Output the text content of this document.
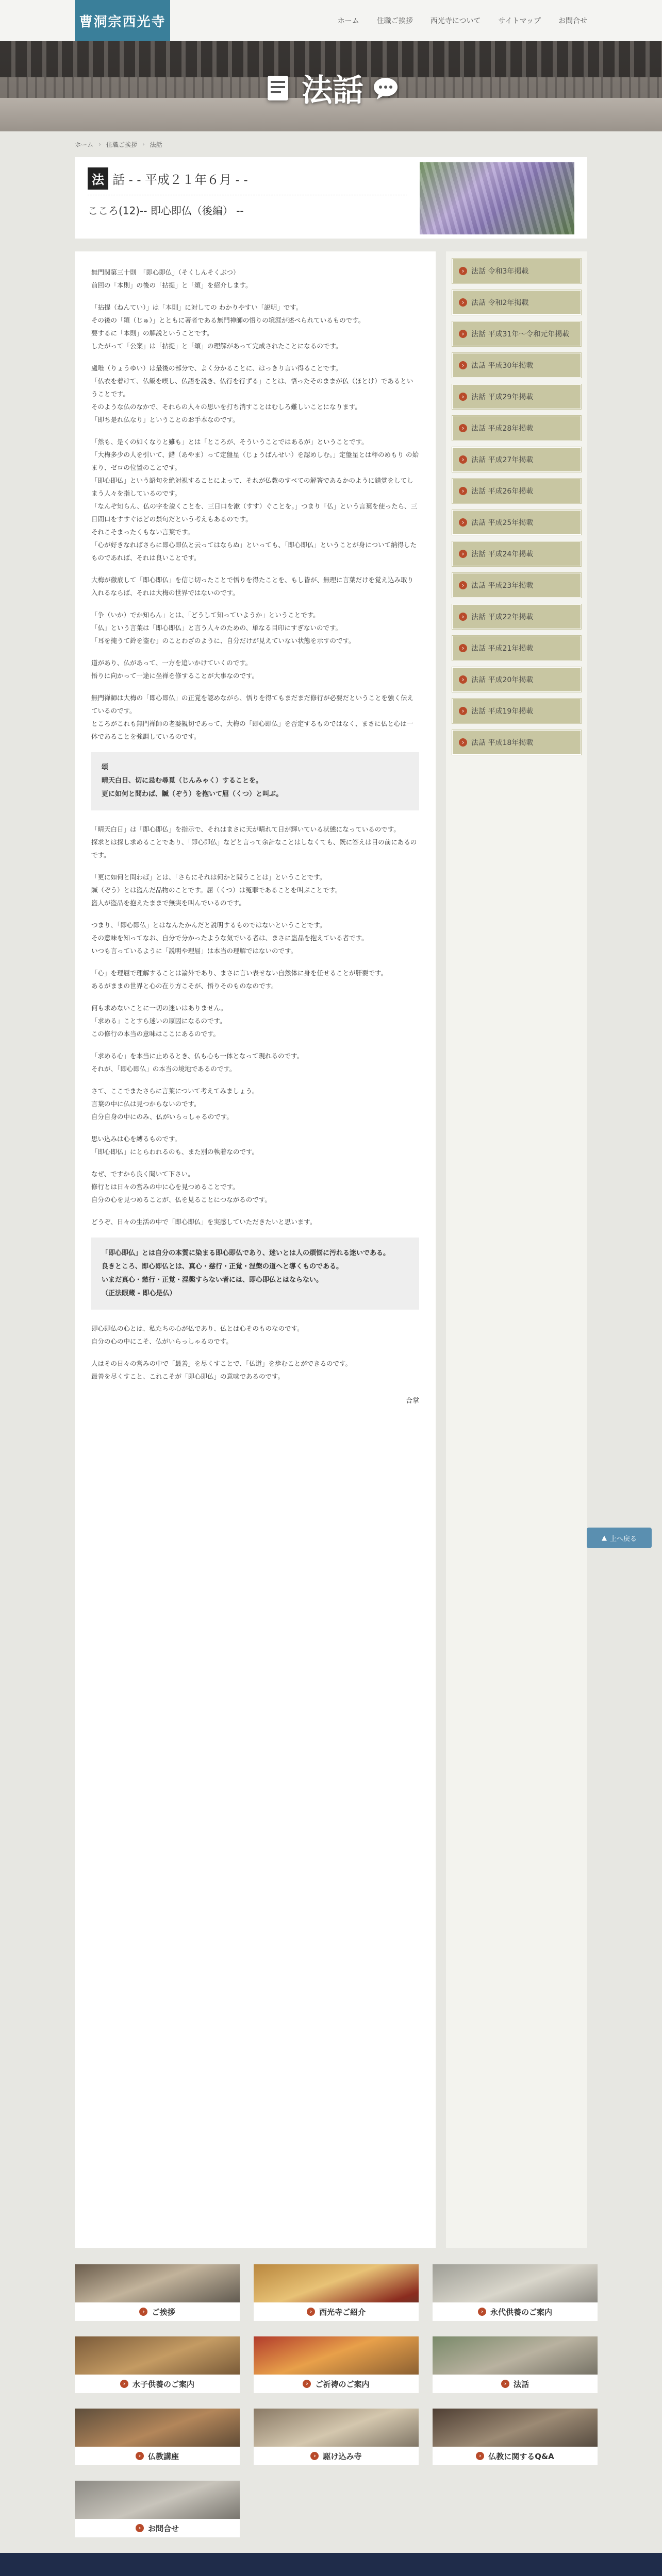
曹洞宗西光寺	ホーム 住職ご挨拶 西光寺について サイトマップ お問合せ
法話
ホーム › 住職ご挨拶 › 法話
法 話 - - 平成２１年６月 - -
こころ(12)-- 即心即仏（後編） --

無門関第三十則　「即心即仏」（そくしんそくぶつ）
前回の「本則」の後の「拈提」と「頌」を紹介します。

「拈提（ねんてい）」は「本則」に対しての わかりやすい「説明」です。
その後の「頌（じゅ）」とともに著者である無門禅師の悟りの境涯が述べられているものです。
要するに「本則」の解説ということです。
したがって「公案」は「拈提」と「頌」の理解があって完成されたことになるのです。

盧唯（りょうゆい）は最後の部分で、よく分かることに、はっきり言い得ることです。
「仏衣を着けて、仏飯を喫し、仏語を説き、仏行を行ずる」ことは、悟ったそのままが仏（ほとけ）であるということです。
そのような仏のなかで、それらの人々の思いを打ち消すことはむしろ難しいことになります。
「即ち是れ仏なり」ということのお手本なのです。

「然も、是くの如くなりと雖も」とは「ところが、そういうことではあるが」ということです。
「大梅多少の人を引いて、錯（あやま）って定盤星（じょうばんせい）を認めしむ。」定盤星とは秤のめもり の始まり、ゼロの位置のことです。
「即心即仏」という語句を絶対視することによって、それが仏教のすべての解答であるかのように錯覚をしてしまう人々を指しているのです。
「なんぞ知らん、仏の字を説くことを、三日口を漱（すす）ぐことを。」つまり「仏」という言葉を使ったら、三日間口をすすぐほどの禁句だという考えもあるのです。
それこそまったくもない言葉です。
「心が好きなればさらに即心即仏と云ってはならぬ」といっても、「即心即仏」ということが身について納得したものであれば、それは良いことです。

大梅が徹底して「即心即仏」を信じ切ったことで悟りを得たことを、もし皆が、無理に言葉だけを覚え込み取り入れるならば、それは大梅の世界ではないのです。

「争（いか）でか知らん」とは、「どうして知っていようか」ということです。
「仏」という言葉は「即心即仏」と言う人々のための、単なる目印にすぎないのです。
「耳を掩うて鈴を盗む」のことわざのように、自分だけが見えていない状態を示すのです。

道があり、仏があって、一方を追いかけていくのです。
悟りに向かって一途に坐禅を修することが大事なのです。

無門禅師は大梅の「即心即仏」の正覚を認めながら、悟りを得てもまだまだ修行が必要だということを強く伝えているのです。
ところがこれも無門禅師の老婆親切であって、大梅の「即心即仏」を否定するものではなく、まさに仏と心は一体であることを強調しているのです。

頌
晴天白日、切に忌む尋覓（じんみゃく）することを。
更に如何と問わば、贓（ぞう）を抱いて屈（くつ）と叫ぶ。

「晴天白日」は「即心即仏」を指示で、それはまさに天が晴れて日が輝いている状態になっているのです。
探求とは探し求めることであり、「即心即仏」などと言って余計なことはしなくても、既に答えは目の前にあるのです。

「更に如何と問わば」とは、「さらにそれは何かと問うことは」ということです。
贓（ぞう）とは盗んだ品物のことです。屈（くつ）は冤罪であることを叫ぶことです。
盗人が盗品を抱えたままで無実を叫んでいるのです。

つまり、「即心即仏」とはなんたかんだと説明するものではないということです。
その意味を知ってなお、自分で分かったような気でいる者は、まさに盗品を抱えている者です。
いつも言っているように「説明や理屈」は本当の理解ではないのです。

「心」を理屈で理解することは論外であり、まさに言い表せない自然体に身を任せることが肝要です。
あるがままの世界と心の在り方こそが、悟りそのものなのです。

何も求めないことに一切の迷いはありません。
「求める」ことすら迷いの原因になるのです。
この修行の本当の意味はここにあるのです。

「求める心」を本当に止めるとき、仏も心も一体となって現れるのです。
それが、「即心即仏」の本当の境地であるのです。

さて、ここでまたさらに言葉について考えてみましょう。
言葉の中に仏は見つからないのです。
自分自身の中にのみ、仏がいらっしゃるのです。

思い込みは心を縛るものです。
「即心即仏」にとらわれるのも、また別の執着なのです。

なぜ、ですから良く聞いて下さい。
修行とは日々の営みの中に心を見つめることです。
自分の心を見つめることが、仏を見ることにつながるのです。

どうぞ、日々の生活の中で「即心即仏」を実感していただきたいと思います。

「即心即仏」とは自分の本質に染まる即心即仏であり、迷いとは人の煩悩に汚れる迷いである。
良きところ、即心即仏とは、真心・慈行・正覚・涅槃の道へと導くものである。
いまだ真心・慈行・正覚・涅槃すらない者には、即心即仏とはならない。
（正法眼蔵 - 即心是仏）

即心即仏の心とは、私たちの心が仏であり、仏とは心そのものなのです。
自分の心の中にこそ、仏がいらっしゃるのです。

人はその日々の営みの中で「最善」を尽くすことで、「仏道」を歩むことができるのです。
最善を尽くすこと、これこそが「即心即仏」の意味であるのです。

合掌
› 法話 令和3年掲載
› 法話 令和2年掲載
› 法話 平成31年〜令和元年掲載
› 法話 平成30年掲載
› 法話 平成29年掲載
› 法話 平成28年掲載
› 法話 平成27年掲載
› 法話 平成26年掲載
› 法話 平成25年掲載
› 法話 平成24年掲載
› 法話 平成23年掲載
› 法話 平成22年掲載
› 法話 平成21年掲載
› 法話 平成20年掲載
› 法話 平成19年掲載
› 法話 平成18年掲載
› ご挨拶	› 西光寺ご紹介	› 永代供養のご案内
› 水子供養のご案内	› ご祈祷のご案内	› 法話
› 仏教講座	› 駆け込み寺	› 仏教に関するQ&A
› お問合せ
▲ 上へ戻る
